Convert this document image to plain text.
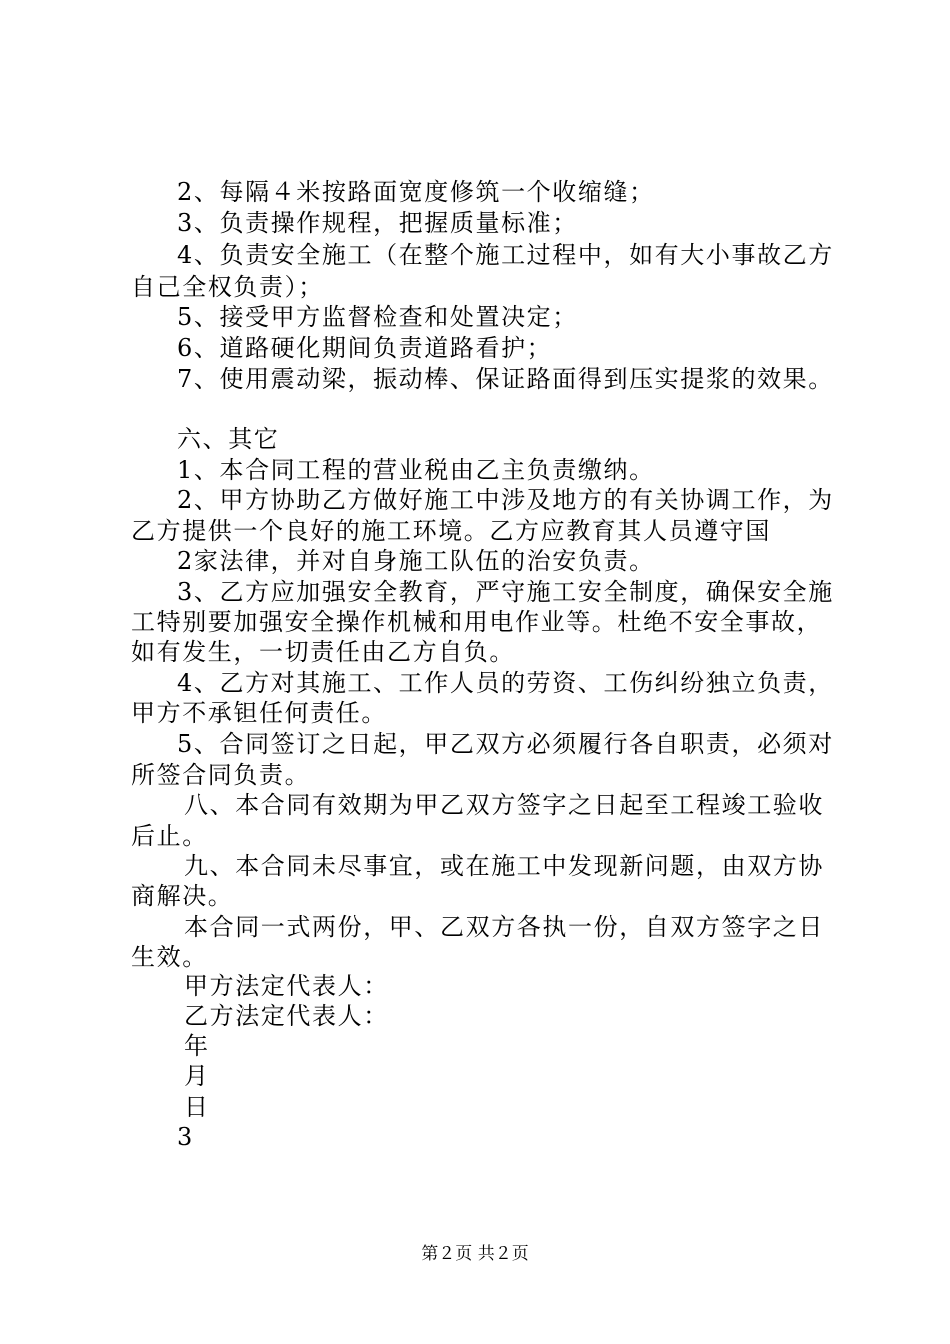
2、每隔４米按路面宽度修筑一个收缩缝；
3、负责操作规程，把握质量标准；
4、负责安全施工（在整个施工过程中，如有大小事故乙方
自己全权负责）；
5、接受甲方监督检查和处置决定；
6、道路硬化期间负责道路看护；
7、使用震动梁，振动棒、保证路面得到压实提浆的效果。
六、其它
1、本合同工程的营业税由乙主负责缴纳。
2、甲方协助乙方做好施工中涉及地方的有关协调工作，为
乙方提供一个良好的施工环境。乙方应教育其人员遵守国
2家法律，并对自身施工队伍的治安负责。
3、乙方应加强安全教育，严守施工安全制度，确保安全施
工特别要加强安全操作机械和用电作业等。杜绝不安全事故，
如有发生，一切责任由乙方自负。
4、乙方对其施工、工作人员的劳资、工伤纠纷独立负责，
甲方不承钽任何责任。
5、合同签订之日起，甲乙双方必须履行各自职责，必须对
所签合同负责。
八、本合同有效期为甲乙双方签字之日起至工程竣工验收
后止。
九、本合同未尽事宜，或在施工中发现新问题，由双方协
商解决。
本合同一式两份，甲、乙双方各执一份，自双方签字之日
生效。
甲方法定代表人：
乙方法定代表人：
年
月
日
3
第２页 共２页
